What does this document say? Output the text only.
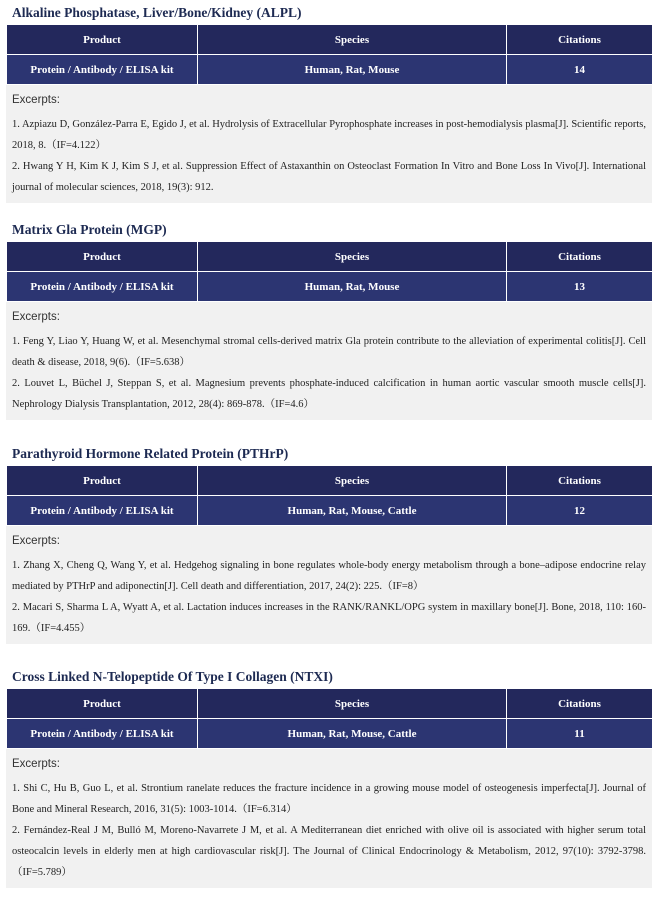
Alkaline Phosphatase, Liver/Bone/Kidney (ALPL)
Product	Species	Citations
Protein / Antibody / ELISA kit	Human, Rat, Mouse	14
Excerpts:
1. Azpiazu D, González-Parra E, Egido J, et al. Hydrolysis of Extracellular Pyrophosphate increases in post-hemodialysis plasma[J]. Scientific reports, 2018, 8.（IF=4.122）
2. Hwang Y H, Kim K J, Kim S J, et al. Suppression Effect of Astaxanthin on Osteoclast Formation In Vitro and Bone Loss In Vivo[J]. International journal of molecular sciences, 2018, 19(3): 912.
Matrix Gla Protein (MGP)
Product	Species	Citations
Protein / Antibody / ELISA kit	Human, Rat, Mouse	13
Excerpts:
1. Feng Y, Liao Y, Huang W, et al. Mesenchymal stromal cells-derived matrix Gla protein contribute to the alleviation of experimental colitis[J]. Cell death & disease, 2018, 9(6).（IF=5.638）
2. Louvet L, Büchel J, Steppan S, et al. Magnesium prevents phosphate-induced calcification in human aortic vascular smooth muscle cells[J]. Nephrology Dialysis Transplantation, 2012, 28(4): 869-878.（IF=4.6）
Parathyroid Hormone Related Protein (PTHrP)
Product	Species	Citations
Protein / Antibody / ELISA kit	Human, Rat, Mouse, Cattle	12
Excerpts:
1. Zhang X, Cheng Q, Wang Y, et al. Hedgehog signaling in bone regulates whole-body energy metabolism through a bone–adipose endocrine relay mediated by PTHrP and adiponectin[J]. Cell death and differentiation, 2017, 24(2): 225.（IF=8）
2. Macari S, Sharma L A, Wyatt A, et al. Lactation induces increases in the RANK/RANKL/OPG system in maxillary bone[J]. Bone, 2018, 110: 160-169.（IF=4.455）
Cross Linked N-Telopeptide Of Type I Collagen (NTXI)
Product	Species	Citations
Protein / Antibody / ELISA kit	Human, Rat, Mouse, Cattle	11
Excerpts:
1. Shi C, Hu B, Guo L, et al. Strontium ranelate reduces the fracture incidence in a growing mouse model of osteogenesis imperfecta[J]. Journal of Bone and Mineral Research, 2016, 31(5): 1003-1014.（IF=6.314）
2. Fernández-Real J M, Bulló M, Moreno-Navarrete J M, et al. A Mediterranean diet enriched with olive oil is associated with higher serum total osteocalcin levels in elderly men at high cardiovascular risk[J]. The Journal of Clinical Endocrinology & Metabolism, 2012, 97(10): 3792-3798.（IF=5.789）
